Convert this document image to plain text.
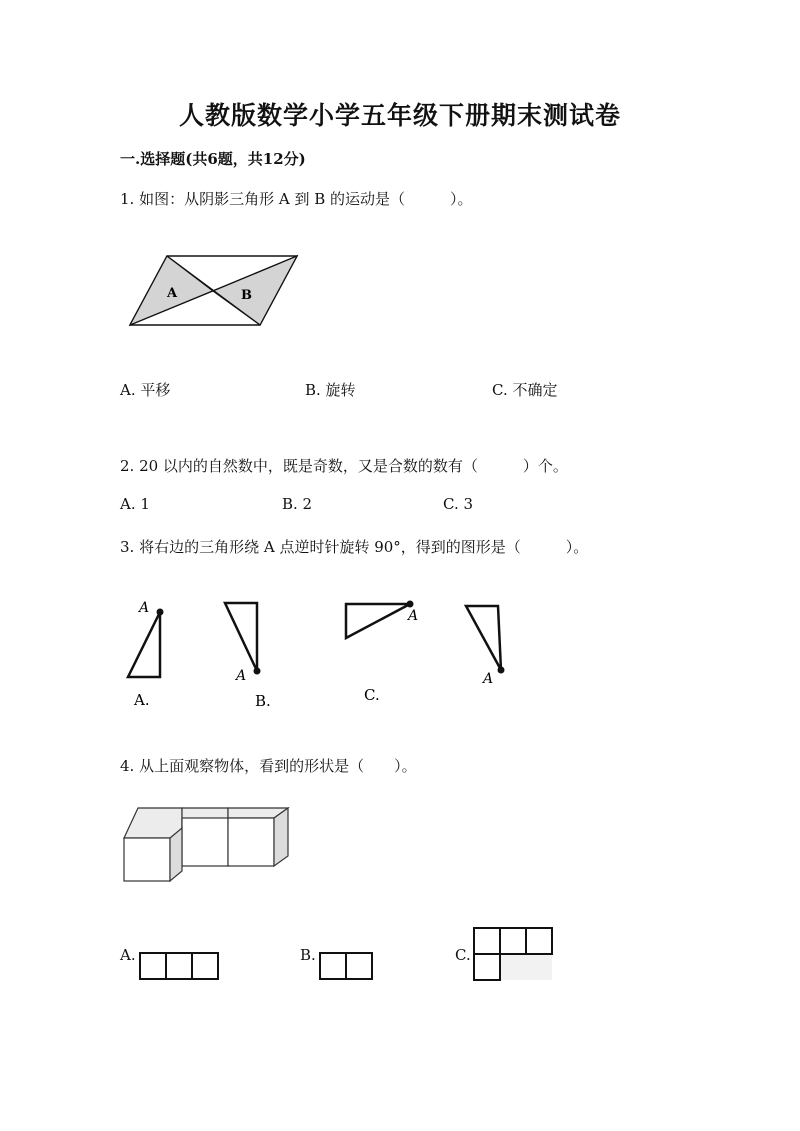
人教版数学小学五年级下册期末测试卷
一.选择题(共6题，共12分)
1. 如图：从阴影三角形 A 到 B 的运动是（　　　）。
A	B
A. 平移	B. 旋转	C. 不确定
2. 20 以内的自然数中，既是奇数，又是合数的数有（　　　）个。
A. 1	B. 2	C. 3
3. 将右边的三角形绕 A 点逆时针旋转 90°，得到的图形是（　　　）。
A
A.
A
B.
A
C.
A
4. 从上面观察物体，看到的形状是（　　）。
A.	B.	C.
